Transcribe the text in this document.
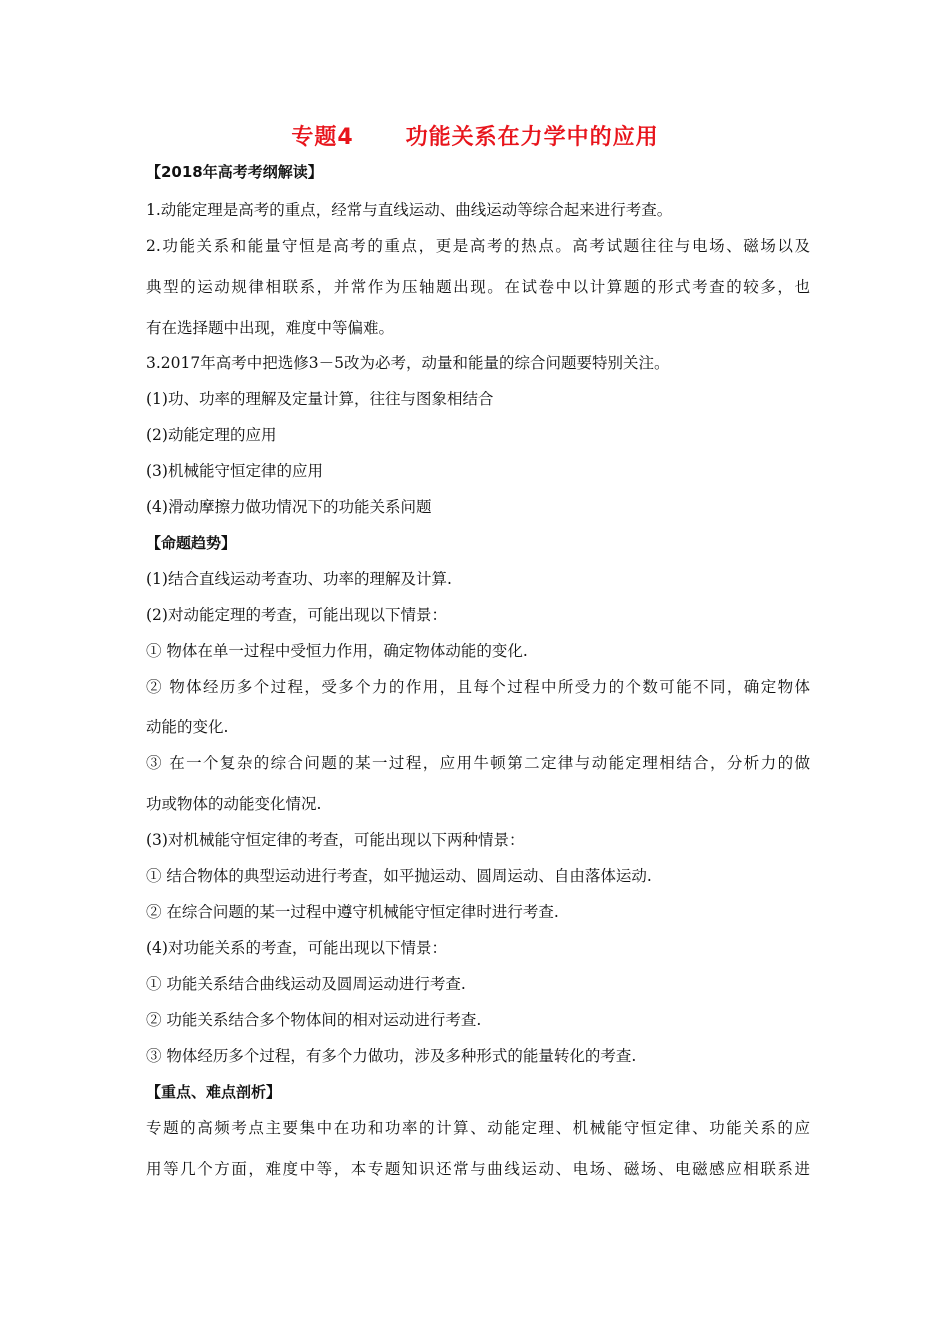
专题4      功能关系在力学中的应用
【2018年高考考纲解读】
1.动能定理是高考的重点，经常与直线运动、曲线运动等综合起来进行考查。
2.功能关系和能量守恒是高考的重点，更是高考的热点。高考试题往往与电场、磁场以及
典型的运动规律相联系，并常作为压轴题出现。在试卷中以计算题的形式考查的较多，也
有在选择题中出现，难度中等偏难。
3.2017年高考中把选修3－5改为必考，动量和能量的综合问题要特别关注。
(1)功、功率的理解及定量计算，往往与图象相结合
(2)动能定理的应用
(3)机械能守恒定律的应用
(4)滑动摩擦力做功情况下的功能关系问题
【命题趋势】
(1)结合直线运动考查功、功率的理解及计算.
(2)对动能定理的考查，可能出现以下情景：
① 物体在单一过程中受恒力作用，确定物体动能的变化.
② 物体经历多个过程，受多个力的作用，且每个过程中所受力的个数可能不同，确定物体
动能的变化.
③ 在一个复杂的综合问题的某一过程，应用牛顿第二定律与动能定理相结合，分析力的做
功或物体的动能变化情况.
(3)对机械能守恒定律的考查，可能出现以下两种情景：
① 结合物体的典型运动进行考查，如平抛运动、圆周运动、自由落体运动.
② 在综合问题的某一过程中遵守机械能守恒定律时进行考查.
(4)对功能关系的考查，可能出现以下情景：
① 功能关系结合曲线运动及圆周运动进行考查.
② 功能关系结合多个物体间的相对运动进行考查.
③ 物体经历多个过程，有多个力做功，涉及多种形式的能量转化的考查.
【重点、难点剖析】
专题的高频考点主要集中在功和功率的计算、动能定理、机械能守恒定律、功能关系的应
用等几个方面，难度中等，本专题知识还常与曲线运动、电场、磁场、电磁感应相联系进
